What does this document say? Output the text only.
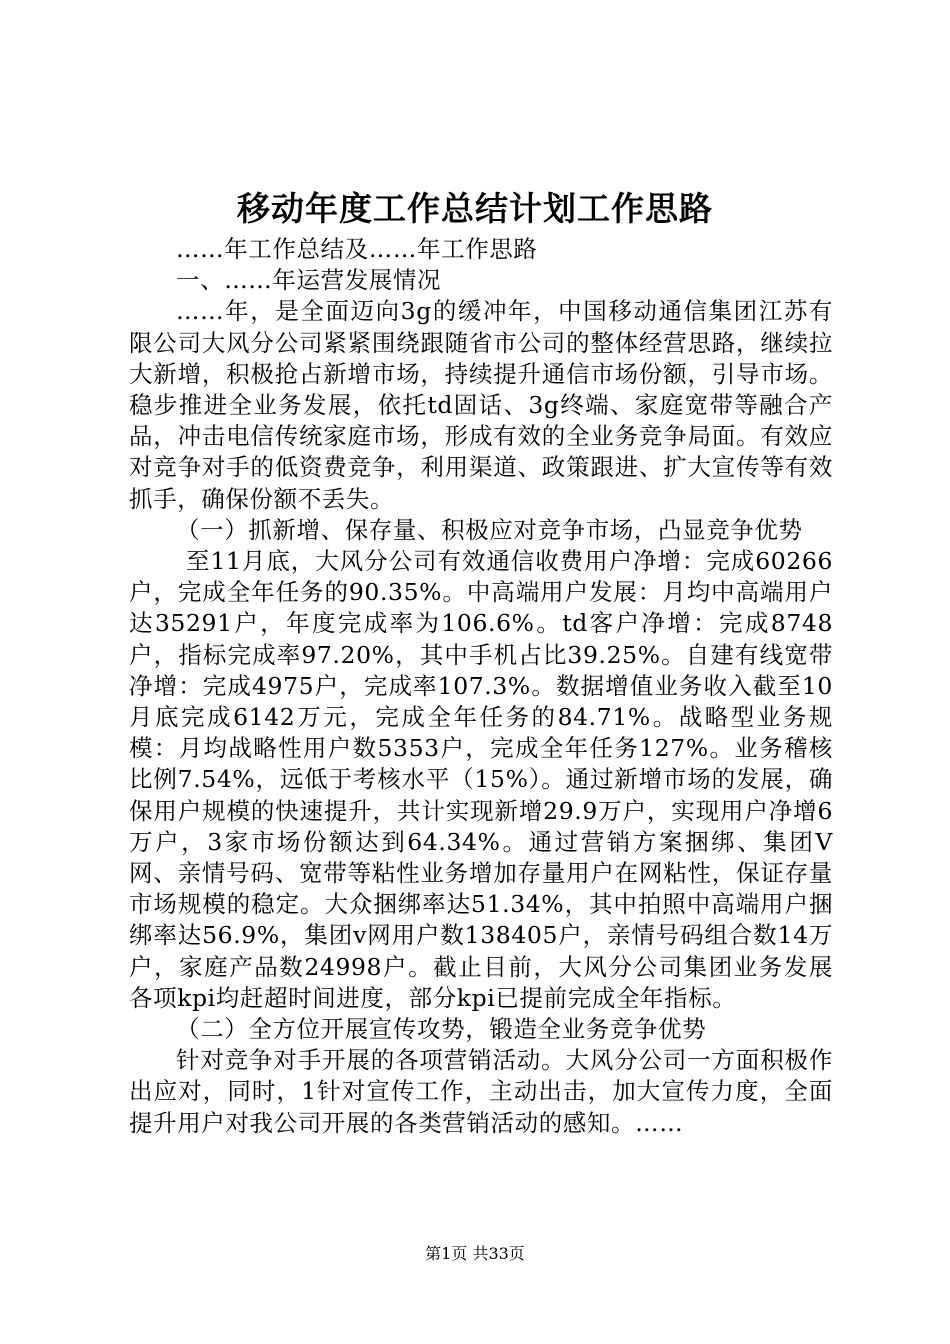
移动年度工作总结计划工作思路

……年工作总结及……年工作思路

一、……年运营发展情况

……年，是全面迈向3g的缓冲年，中国移动通信集团江苏有限公司大风分公司紧紧围绕跟随省市公司的整体经营思路，继续拉大新增，积极抢占新增市场，持续提升通信市场份额，引导市场。稳步推进全业务发展，依托td固话、3g终端、家庭宽带等融合产品，冲击电信传统家庭市场，形成有效的全业务竞争局面。有效应对竞争对手的低资费竞争，利用渠道、政策跟进、扩大宣传等有效抓手，确保份额不丢失。

（一）抓新增、保存量、积极应对竞争市场，凸显竞争优势

至11月底，大风分公司有效通信收费用户净增：完成60266户，完成全年任务的90.35%。中高端用户发展：月均中高端用户达35291户，年度完成率为106.6%。td客户净增：完成8748户，指标完成率97.20%，其中手机占比39.25%。自建有线宽带净增：完成4975户，完成率107.3%。数据增值业务收入截至10月底完成6142万元，完成全年任务的84.71%。战略型业务规模：月均战略性用户数5353户，完成全年任务127%。业务稽核比例7.54%，远低于考核水平（15%）。通过新增市场的发展，确保用户规模的快速提升，共计实现新增29.9万户，实现用户净增6万户，3家市场份额达到64.34%。通过营销方案捆绑、集团V网、亲情号码、宽带等粘性业务增加存量用户在网粘性，保证存量市场规模的稳定。大众捆绑率达51.34%，其中拍照中高端用户捆绑率达56.9%，集团v网用户数138405户，亲情号码组合数14万户，家庭产品数24998户。截止目前，大风分公司集团业务发展各项kpi均赶超时间进度，部分kpi已提前完成全年指标。

（二）全方位开展宣传攻势，锻造全业务竞争优势

针对竞争对手开展的各项营销活动。大风分公司一方面积极作出应对，同时，1针对宣传工作，主动出击，加大宣传力度，全面提升用户对我公司开展的各类营销活动的感知。……

第1页 共33页
